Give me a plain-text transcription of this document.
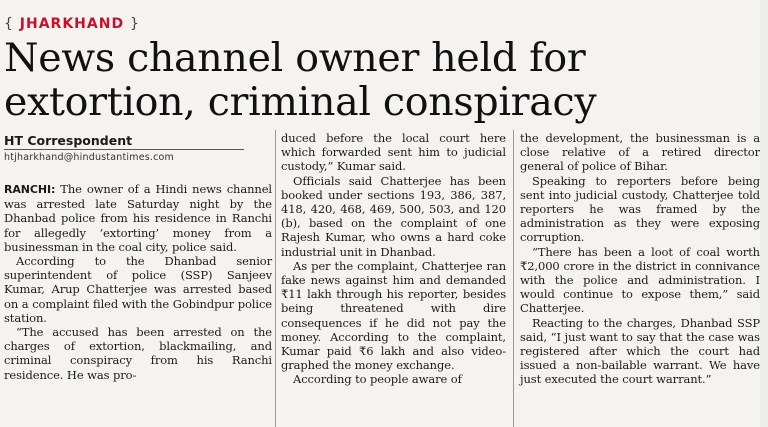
{ JHARKHAND }
News channel owner held for extortion, criminal conspiracy
HT Correspondent
htjharkhand@hindustantimes.com

RANCHI: The owner of a Hindi news channel was arrested late Saturday night by the Dhanbad police from his residence in Ranchi for allegedly ‘extorting’ money from a businessman in the coal city, police said.

According to the Dhanbad senior superintendent of police (SSP) Sanjeev Kumar, Arup Chatterjee was arrested based on a complaint filed with the Gobindpur police station.

“The accused has been arrested on the charges of extortion, blackmailing, and criminal conspiracy from his Ranchi residence. He was pro-

duced before the local court here which forwarded sent him to judicial custody,” Kumar said.

Officials said Chatterjee has been booked under sections 193, 386, 387, 418, 420, 468, 469, 500, 503, and 120 (b), based on the complaint of one Rajesh Kumar, who owns a hard coke industrial unit in Dhanbad.

As per the complaint, Chatterjee ran fake news against him and demanded ₹11 lakh through his reporter, besides being threatened with dire consequences if he did not pay the money. According to the complaint, Kumar paid ₹6 lakh and also video-graphed the money exchange.

According to people aware of

the development, the businessman is a close relative of a retired director general of police of Bihar.

Speaking to reporters before being sent into judicial custody, Chatterjee told reporters he was framed by the administration as they were exposing corruption.

“There has been a loot of coal worth ₹2,000 crore in the district in connivance with the police and administration. I would continue to expose them,” said Chatterjee.

Reacting to the charges, Dhanbad SSP said, “I just want to say that the case was registered after which the court had issued a non-bailable warrant. We have just executed the court warrant.”
